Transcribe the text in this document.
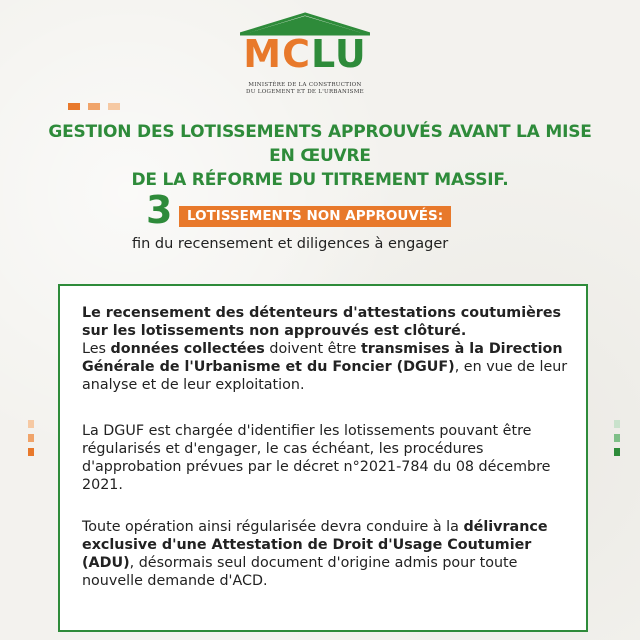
MCLU
MINISTÈRE DE LA CONSTRUCTION
DU LOGEMENT ET DE L'URBANISME
GESTION DES LOTISSEMENTS APPROUVÉS AVANT LA MISE EN ŒUVRE
DE LA RÉFORME DU TITREMENT MASSIF.
3	LOTISSEMENTS NON APPROUVÉS:
fin du recensement et diligences à engager
Le recensement des détenteurs d'attestations coutumières sur les lotissements non approuvés est clôturé.
Les données collectées doivent être transmises à la Direction Générale de l'Urbanisme et du Foncier (DGUF), en vue de leur analyse et de leur exploitation.
La DGUF est chargée d'identifier les lotissements pouvant être régularisés et d'engager, le cas échéant, les procédures d'approbation prévues par le décret n°2021-784 du 08 décembre 2021.
Toute opération ainsi régularisée devra conduire à la délivrance exclusive d'une Attestation de Droit d'Usage Coutumier (ADU), désormais seul document d'origine admis pour toute nouvelle demande d'ACD.
